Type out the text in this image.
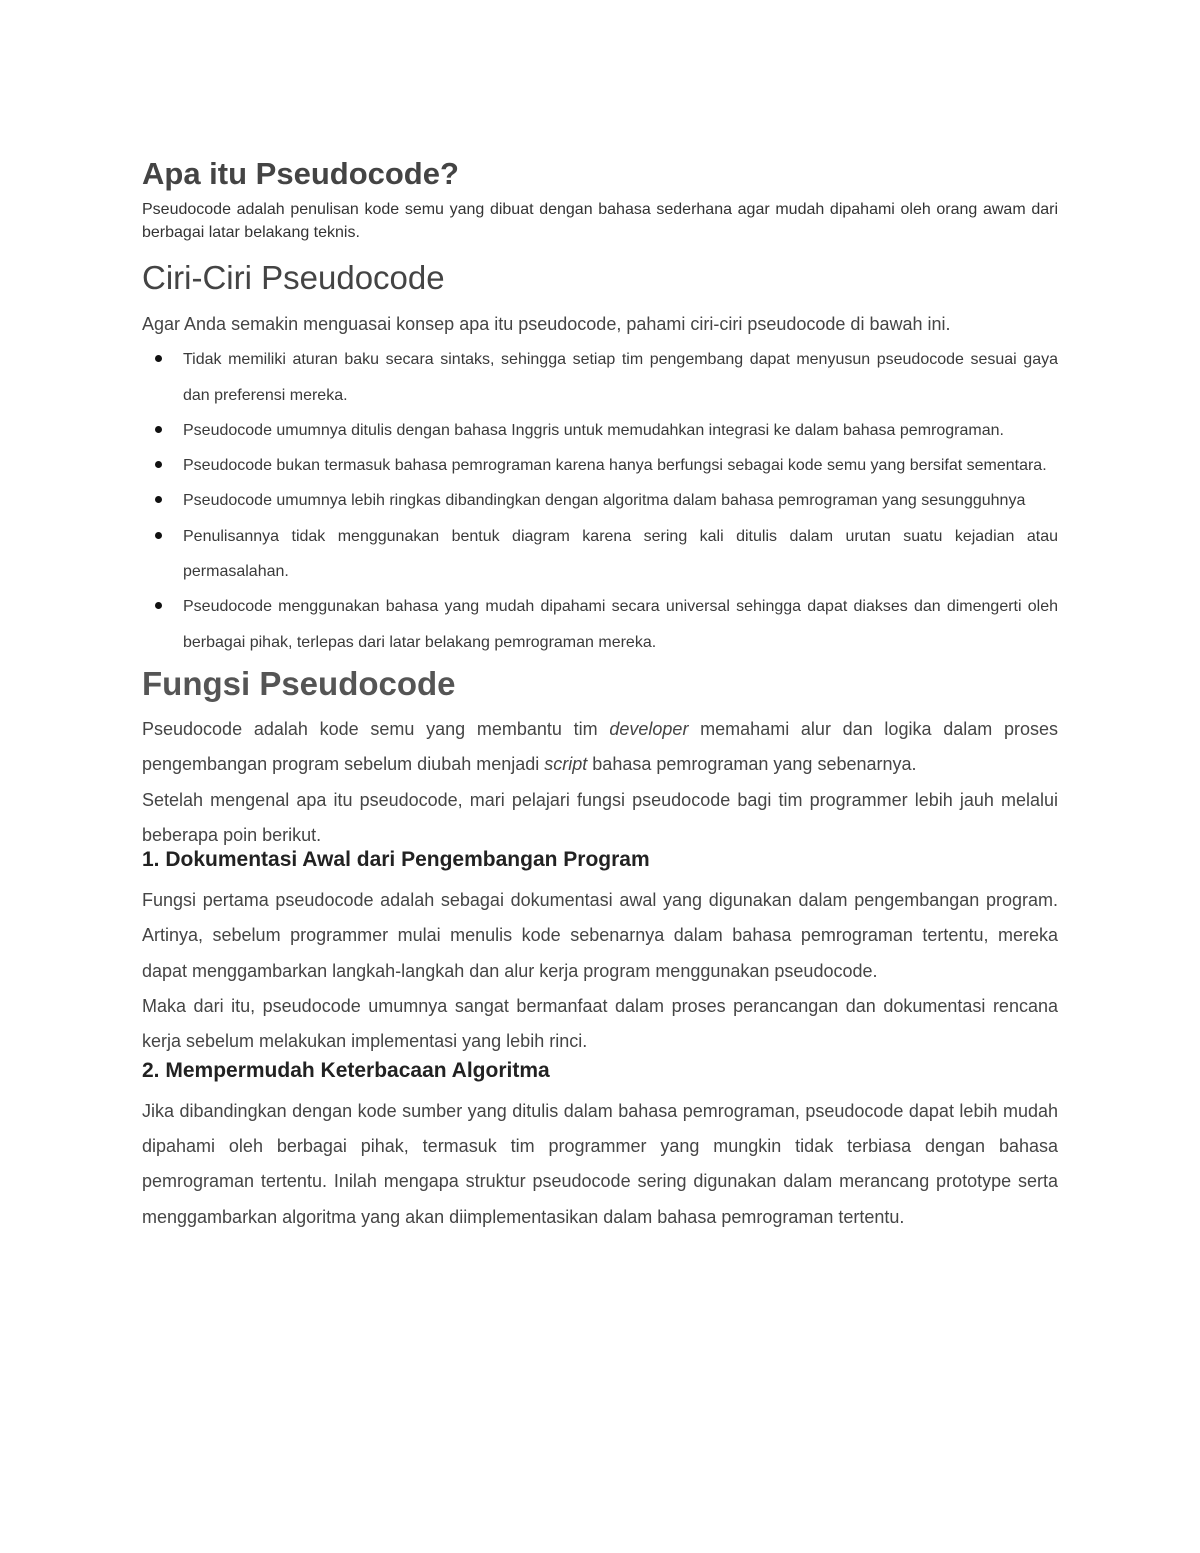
Apa itu Pseudocode?

Pseudocode adalah penulisan kode semu yang dibuat dengan bahasa sederhana agar mudah dipahami oleh orang awam dari berbagai latar belakang teknis.

Ciri-Ciri Pseudocode

Agar Anda semakin menguasai konsep apa itu pseudocode, pahami ciri-ciri pseudocode di bawah ini.

Tidak memiliki aturan baku secara sintaks, sehingga setiap tim pengembang dapat menyusun pseudocode sesuai gaya dan preferensi mereka.
Pseudocode umumnya ditulis dengan bahasa Inggris untuk memudahkan integrasi ke dalam bahasa pemrograman.
Pseudocode bukan termasuk bahasa pemrograman karena hanya berfungsi sebagai kode semu yang bersifat sementara.
Pseudocode umumnya lebih ringkas dibandingkan dengan algoritma dalam bahasa pemrograman yang sesungguhnya
Penulisannya tidak menggunakan bentuk diagram karena sering kali ditulis dalam urutan suatu kejadian atau permasalahan.
Pseudocode menggunakan bahasa yang mudah dipahami secara universal sehingga dapat diakses dan dimengerti oleh berbagai pihak, terlepas dari latar belakang pemrograman mereka.
Fungsi Pseudocode

Pseudocode adalah kode semu yang membantu tim developer memahami alur dan logika dalam proses pengembangan program sebelum diubah menjadi script bahasa pemrograman yang sebenarnya.

Setelah mengenal apa itu pseudocode, mari pelajari fungsi pseudocode bagi tim programmer lebih jauh melalui beberapa poin berikut.

1. Dokumentasi Awal dari Pengembangan Program

Fungsi pertama pseudocode adalah sebagai dokumentasi awal yang digunakan dalam pengembangan program. Artinya, sebelum programmer mulai menulis kode sebenarnya dalam bahasa pemrograman tertentu, mereka dapat menggambarkan langkah-langkah dan alur kerja program menggunakan pseudocode.

Maka dari itu, pseudocode umumnya sangat bermanfaat dalam proses perancangan dan dokumentasi rencana kerja sebelum melakukan implementasi yang lebih rinci.

2. Mempermudah Keterbacaan Algoritma

Jika dibandingkan dengan kode sumber yang ditulis dalam bahasa pemrograman, pseudocode dapat lebih mudah dipahami oleh berbagai pihak, termasuk tim programmer yang mungkin tidak terbiasa dengan bahasa pemrograman tertentu. Inilah mengapa struktur pseudocode sering digunakan dalam merancang prototype serta menggambarkan algoritma yang akan diimplementasikan dalam bahasa pemrograman tertentu.
